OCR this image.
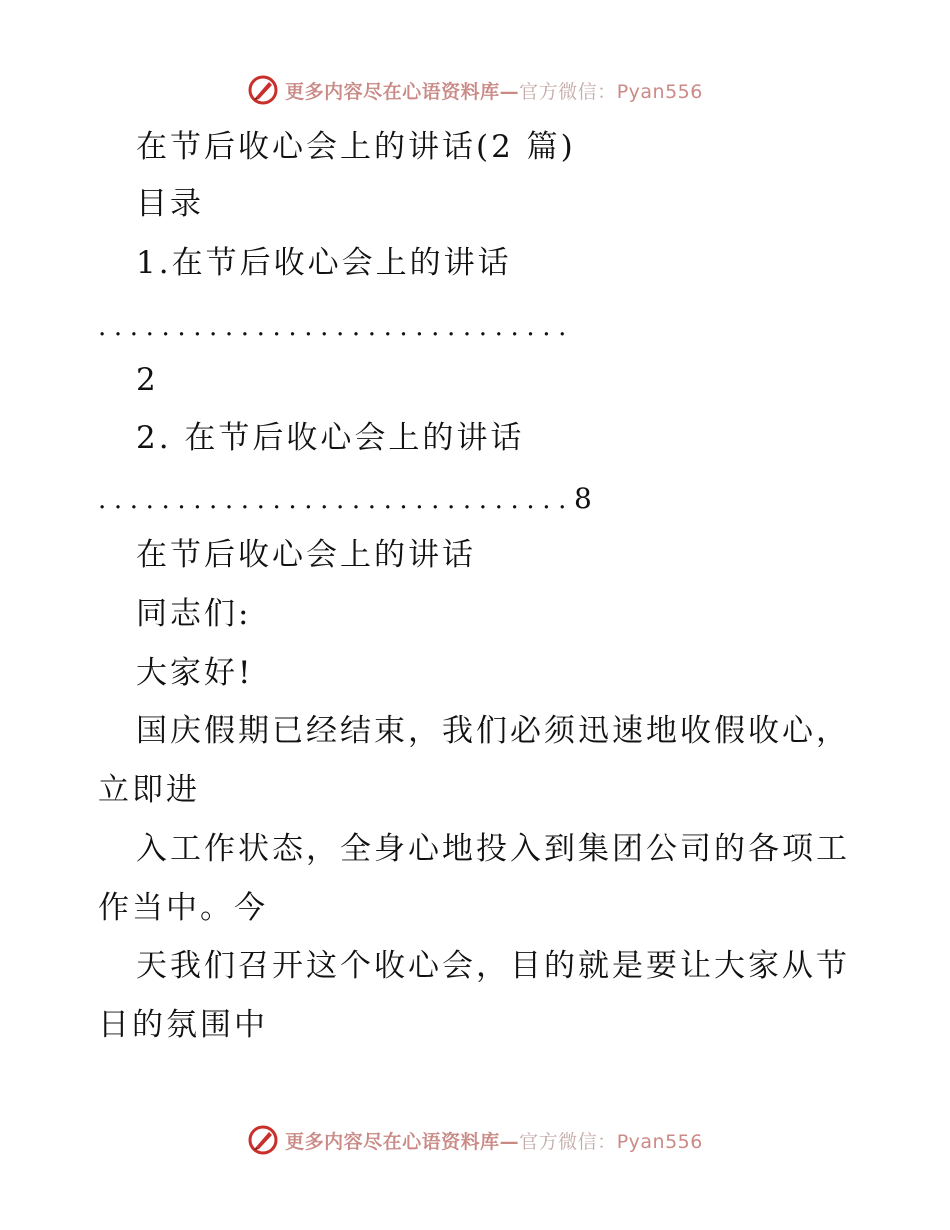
更多内容尽在心语资料库—官方微信：Pyan556
在节后收心会上的讲话(2 篇)
目录
1.在节后收心会上的讲话
..............................
2
2. 在节后收心会上的讲话
..............................8
在节后收心会上的讲话
同志们:
大家好!
国庆假期已经结束，我们必须迅速地收假收心，
立即进
入工作状态，全身心地投入到集团公司的各项工
作当中。今
天我们召开这个收心会，目的就是要让大家从节
日的氛围中
更多内容尽在心语资料库—官方微信：Pyan556
